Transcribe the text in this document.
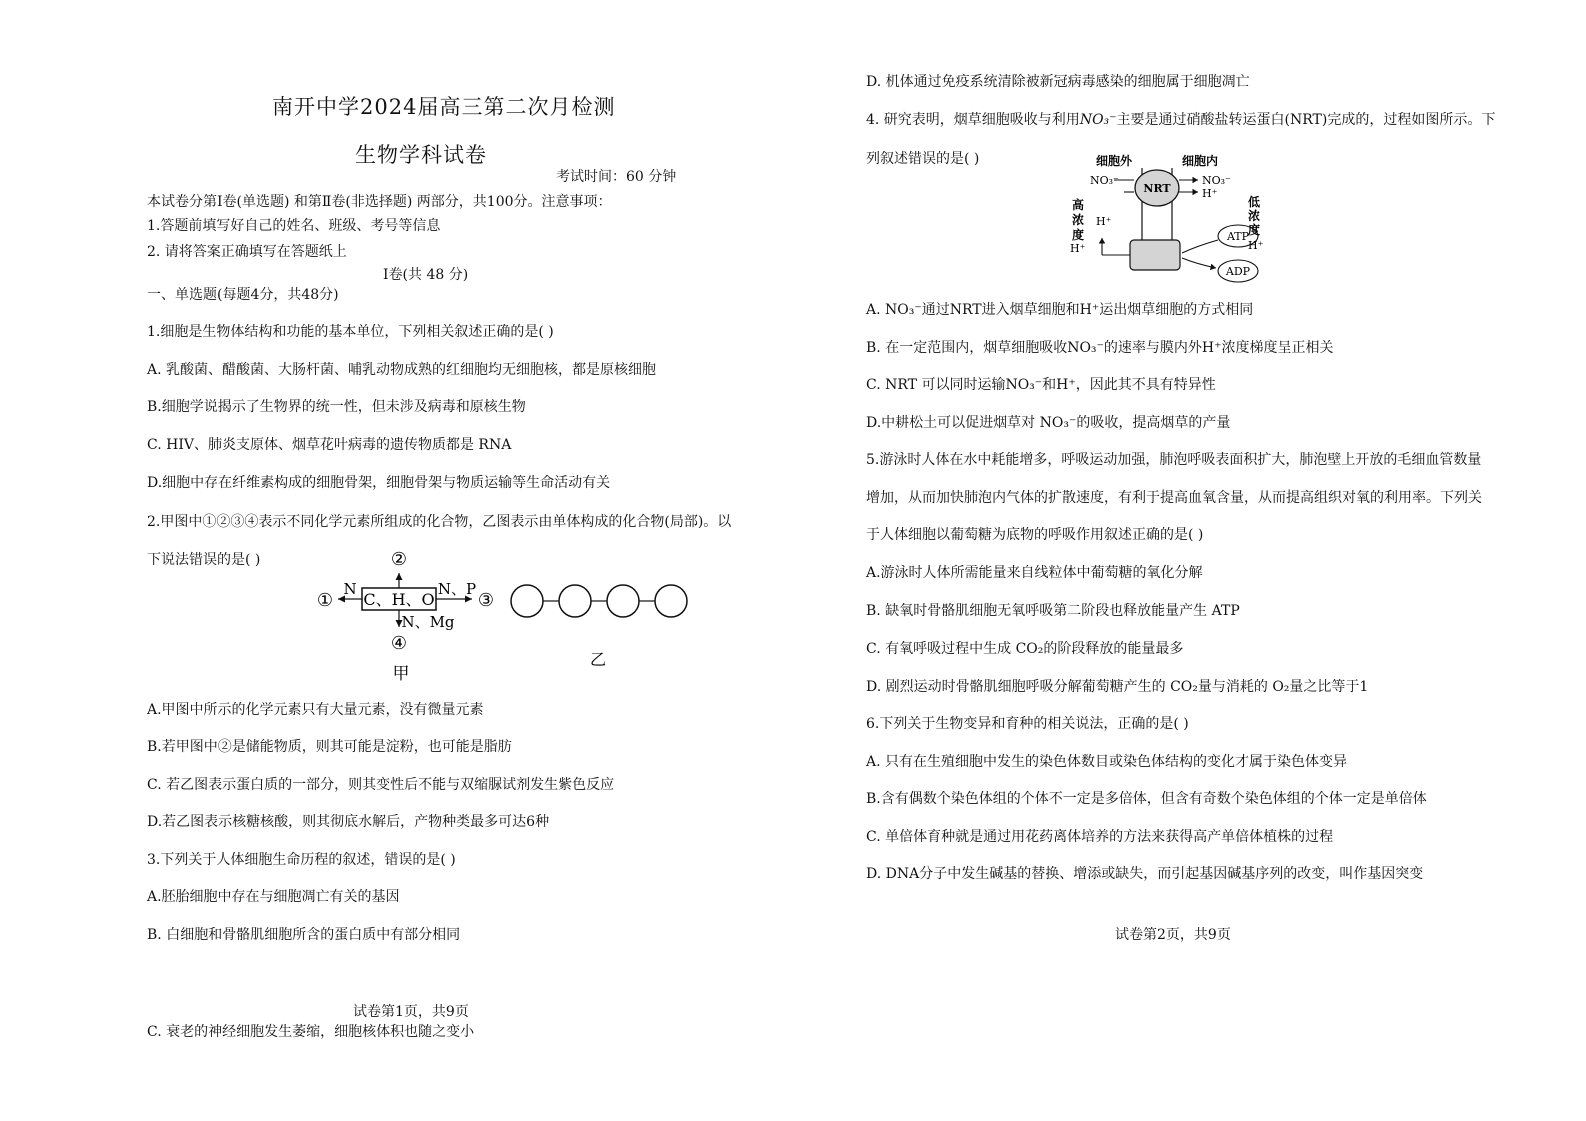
南开中学2024届高三第二次月检测
生物学科试卷
考试时间：60 分钟
本试卷分第Ⅰ卷(单选题) 和第Ⅱ卷(非选择题) 两部分，共100分。注意事项：
1.答题前填写好自己的姓名、班级、考号等信息
2. 请将答案正确填写在答题纸上
Ⅰ卷(共 48 分)
一、单选题(每题4分，共48分)
1.细胞是生物体结构和功能的基本单位，下列相关叙述正确的是( )
A. 乳酸菌、醋酸菌、大肠杆菌、哺乳动物成熟的红细胞均无细胞核，都是原核细胞
B.细胞学说揭示了生物界的统一性，但未涉及病毒和原核生物
C. HIV、肺炎支原体、烟草花叶病毒的遗传物质都是 RNA
D.细胞中存在纤维素构成的细胞骨架，细胞骨架与物质运输等生命活动有关
2.甲图中①②③④表示不同化学元素所组成的化合物，乙图表示由单体构成的化合物(局部)。以
下说法错误的是( )
C、H、O
②
①
N
③
N、P
④
N、Mg
甲
乙
A.甲图中所示的化学元素只有大量元素，没有微量元素
B.若甲图中②是储能物质，则其可能是淀粉，也可能是脂肪
C. 若乙图表示蛋白质的一部分，则其变性后不能与双缩脲试剂发生紫色反应
D.若乙图表示核糖核酸，则其彻底水解后，产物种类最多可达6种
3.下列关于人体细胞生命历程的叙述，错误的是( )
A.胚胎细胞中存在与细胞凋亡有关的基因
B. 白细胞和骨骼肌细胞所含的蛋白质中有部分相同
试卷第1页，共9页
C. 衰老的神经细胞发生萎缩，细胞核体积也随之变小
D. 机体通过免疫系统清除被新冠病毒感染的细胞属于细胞凋亡
4. 研究表明，烟草细胞吸收与利用NO₃⁻主要是通过硝酸盐转运蛋白(NRT)完成的，过程如图所示。下
列叙述错误的是( )	细胞外	细胞内
NRT
NO₃⁻	NO₃⁻
H⁺
高
浓
度
H⁺
H⁺
ATP
ADP
低
浓
度
H⁺
A. NO₃⁻通过NRT进入烟草细胞和H⁺运出烟草细胞的方式相同
B. 在一定范围内，烟草细胞吸收NO₃⁻的速率与膜内外H⁺浓度梯度呈正相关
C. NRT 可以同时运输NO₃⁻和H⁺，因此其不具有特异性
D.中耕松土可以促进烟草对 NO₃⁻的吸收，提高烟草的产量
5.游泳时人体在水中耗能增多，呼吸运动加强，肺泡呼吸表面积扩大，肺泡壁上开放的毛细血管数量
增加，从而加快肺泡内气体的扩散速度，有利于提高血氧含量，从而提高组织对氧的利用率。下列关
于人体细胞以葡萄糖为底物的呼吸作用叙述正确的是( )
A.游泳时人体所需能量来自线粒体中葡萄糖的氧化分解
B. 缺氧时骨骼肌细胞无氧呼吸第二阶段也释放能量产生 ATP
C. 有氧呼吸过程中生成 CO₂的阶段释放的能量最多
D. 剧烈运动时骨骼肌细胞呼吸分解葡萄糖产生的 CO₂量与消耗的 O₂量之比等于1
6.下列关于生物变异和育种的相关说法，正确的是( )
A. 只有在生殖细胞中发生的染色体数目或染色体结构的变化才属于染色体变异
B.含有偶数个染色体组的个体不一定是多倍体，但含有奇数个染色体组的个体一定是单倍体
C. 单倍体育种就是通过用花药离体培养的方法来获得高产单倍体植株的过程
D. DNA分子中发生碱基的替换、增添或缺失，而引起基因碱基序列的改变，叫作基因突变
试卷第2页，共9页
